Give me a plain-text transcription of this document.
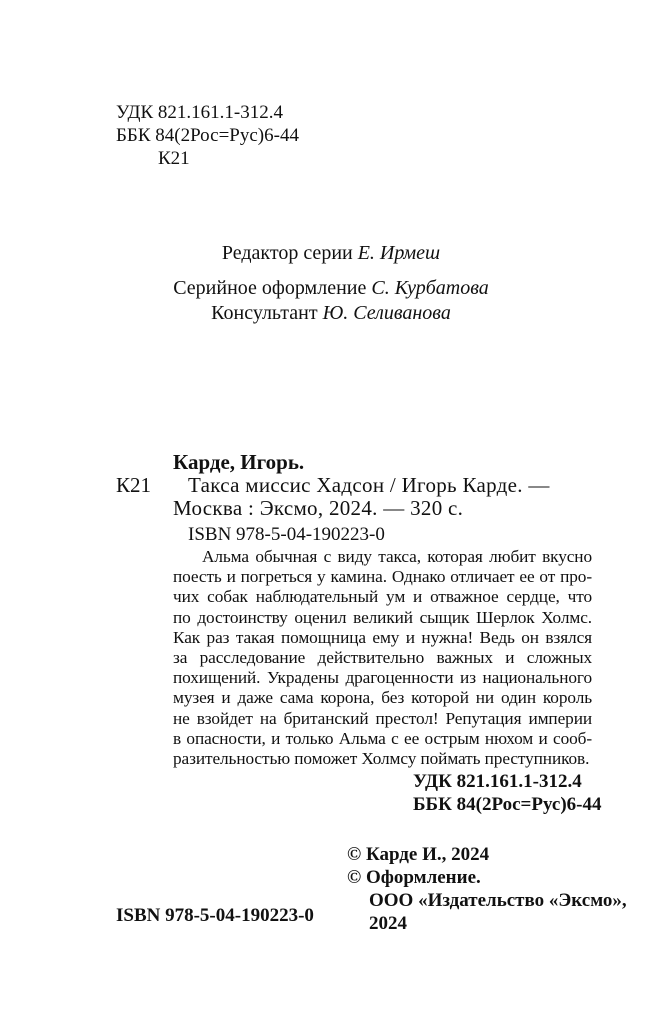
УДК 821.161.1-312.4
ББК 84(2Рос=Рус)6-44
К21
Редактор серии Е. Ирмеш
Серийное оформление С. Курбатова
Консультант Ю. Селиванова
Карде, Игорь.
К21 Такса миссис Хадсон / Игорь Карде. —
Москва : Эксмо, 2024. — 320 с.
ISBN 978-5-04-190223-0
Альма обычная с виду такса, которая любит вкусно
поесть и погреться у камина. Однако отличает ее от про-
чих собак наблюдательный ум и отважное сердце, что
по достоинству оценил великий сыщик Шерлок Холмс.
Как раз такая помощница ему и нужна! Ведь он взялся
за расследование действительно важных и сложных
похищений. Украдены драгоценности из национального
музея и даже сама корона, без которой ни один король
не взойдет на британский престол! Репутация империи
в опасности, и только Альма с ее острым нюхом и сооб-
разительностью поможет Холмсу поймать преступников.
УДК 821.161.1-312.4
ББК 84(2Рос=Рус)6-44
© Карде И., 2024
© Оформление.
ООО «Издательство «Эксмо»,
2024
ISBN 978-5-04-190223-0
